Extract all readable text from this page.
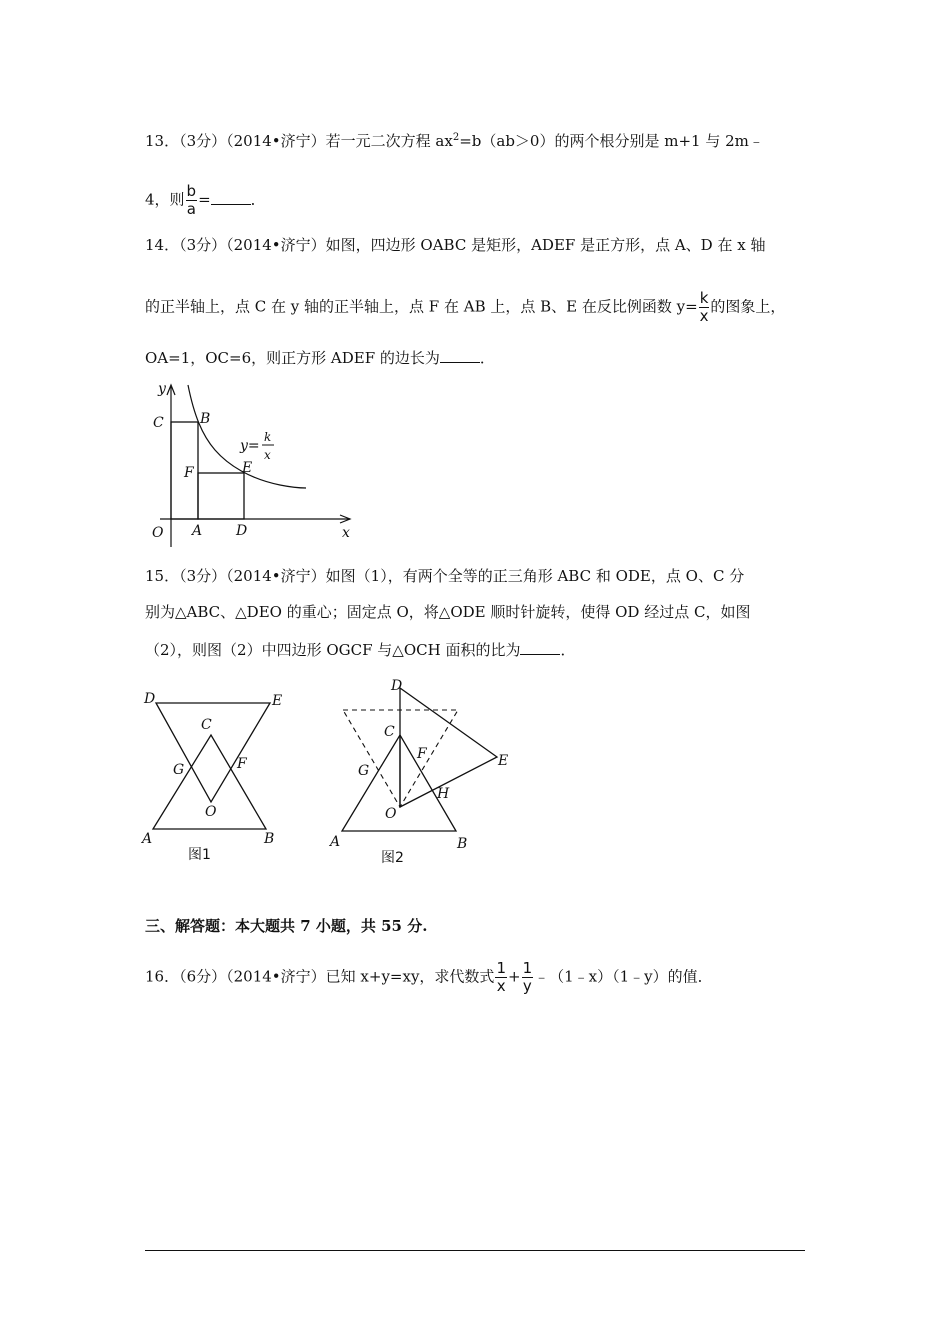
13．（3分）（2014•济宁）若一元二次方程 $ax^2=b(ab>0)$的两个根分别是 m+1 与 2m﹣
4，则 $\frac{b}{a}$ =	．
14．（3分）（2014•济宁）如图，四边形 OABC 是矩形，ADEF 是正方形，点 A、D 在 x 轴
的正半轴上，点 C 在 y 轴的正半轴上，点 F 在 AB 上，点 B、E 在反比例函数 $y= \frac{k}{x}$ 的图象上，
OA=1，OC=6，则正方形 ADEF 的边长为	．
y
C	B
F	E
O A D	x
y=
k
x
15．（3分）（2014•济宁）如图（1），有两个全等的正三角形 ABC 和 ODE，点 O、C 分
别为△ABC、△DEO 的重心；固定点 O，将△ODE 顺时针旋转，使得 OD 经过点 C，如图
（2），则图（2）中四边形 OGCF 与△OCH 面积的比为	．
D	E
C
G	F
O
A	B
图1
D
C
F
G
E
H
O
A	B
图2
三、解答题：本大题共 7 小题，共 55 分.
16．（6分）（2014•济宁）已知 x+y=xy，求代数式 $\frac{1}{x} + \frac{1}{y}$ ﹣（1﹣x）（1﹣y）的值．
